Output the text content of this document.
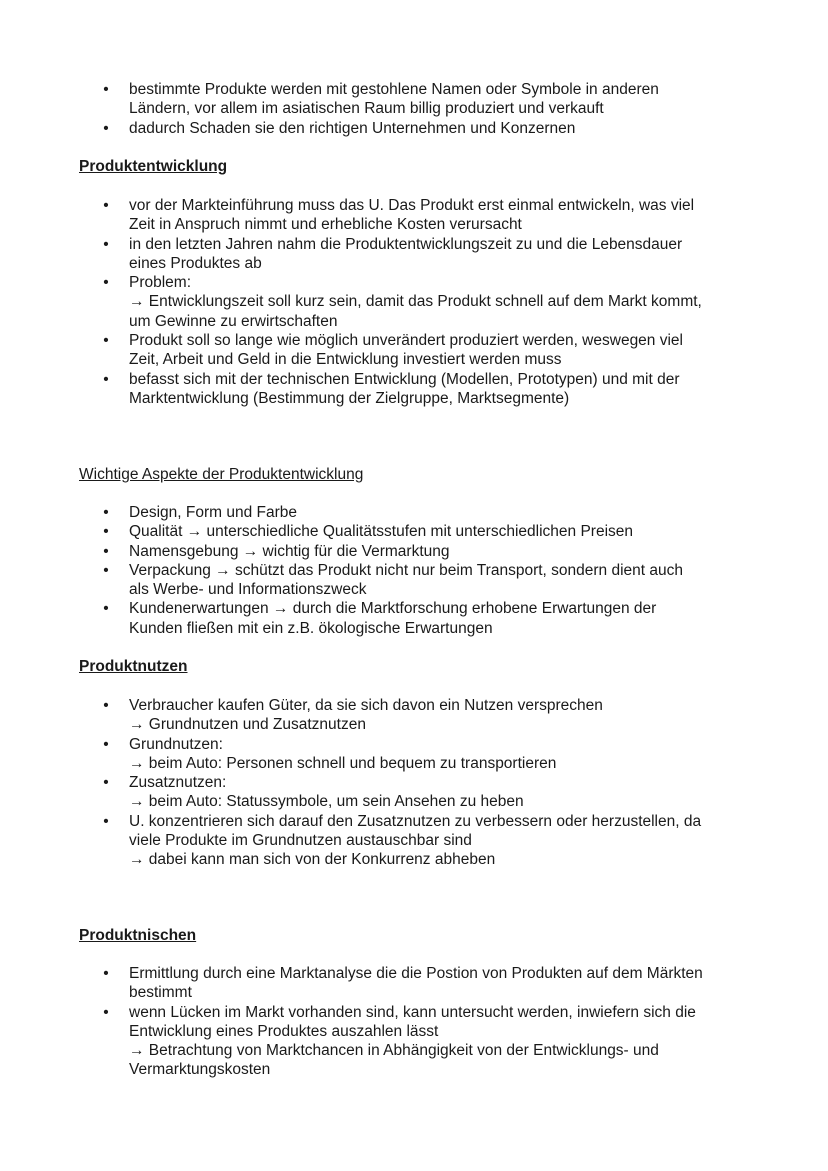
• bestimmte Produkte werden mit gestohlene Namen oder Symbole in anderen
Ländern, vor allem im asiatischen Raum billig produziert und verkauft
• dadurch Schaden sie den richtigen Unternehmen und Konzernen
Produktentwicklung
• vor der Markteinführung muss das U. Das Produkt erst einmal entwickeln, was viel
Zeit in Anspruch nimmt und erhebliche Kosten verursacht
• in den letzten Jahren nahm die Produktentwicklungszeit zu und die Lebensdauer
eines Produktes ab
• Problem:
→ Entwicklungszeit soll kurz sein, damit das Produkt schnell auf dem Markt kommt,
um Gewinne zu erwirtschaften
• Produkt soll so lange wie möglich unverändert produziert werden, weswegen viel
Zeit, Arbeit und Geld in die Entwicklung investiert werden muss
• befasst sich mit der technischen Entwicklung (Modellen, Prototypen) und mit der
Marktentwicklung (Bestimmung der Zielgruppe, Marktsegmente)
Wichtige Aspekte der Produktentwicklung
• Design, Form und Farbe
• Qualität → unterschiedliche Qualitätsstufen mit unterschiedlichen Preisen
• Namensgebung → wichtig für die Vermarktung
• Verpackung → schützt das Produkt nicht nur beim Transport, sondern dient auch
als Werbe- und Informationszweck
• Kundenerwartungen → durch die Marktforschung erhobene Erwartungen der
Kunden fließen mit ein z.B. ökologische Erwartungen
Produktnutzen
• Verbraucher kaufen Güter, da sie sich davon ein Nutzen versprechen
→ Grundnutzen und Zusatznutzen
• Grundnutzen:
→ beim Auto: Personen schnell und bequem zu transportieren
• Zusatznutzen:
→ beim Auto: Statussymbole, um sein Ansehen zu heben
• U. konzentrieren sich darauf den Zusatznutzen zu verbessern oder herzustellen, da
viele Produkte im Grundnutzen austauschbar sind
→ dabei kann man sich von der Konkurrenz abheben
Produktnischen
• Ermittlung durch eine Marktanalyse die die Postion von Produkten auf dem Märkten
bestimmt
• wenn Lücken im Markt vorhanden sind, kann untersucht werden, inwiefern sich die
Entwicklung eines Produktes auszahlen lässt
→ Betrachtung von Marktchancen in Abhängigkeit von der Entwicklungs- und
Vermarktungskosten
